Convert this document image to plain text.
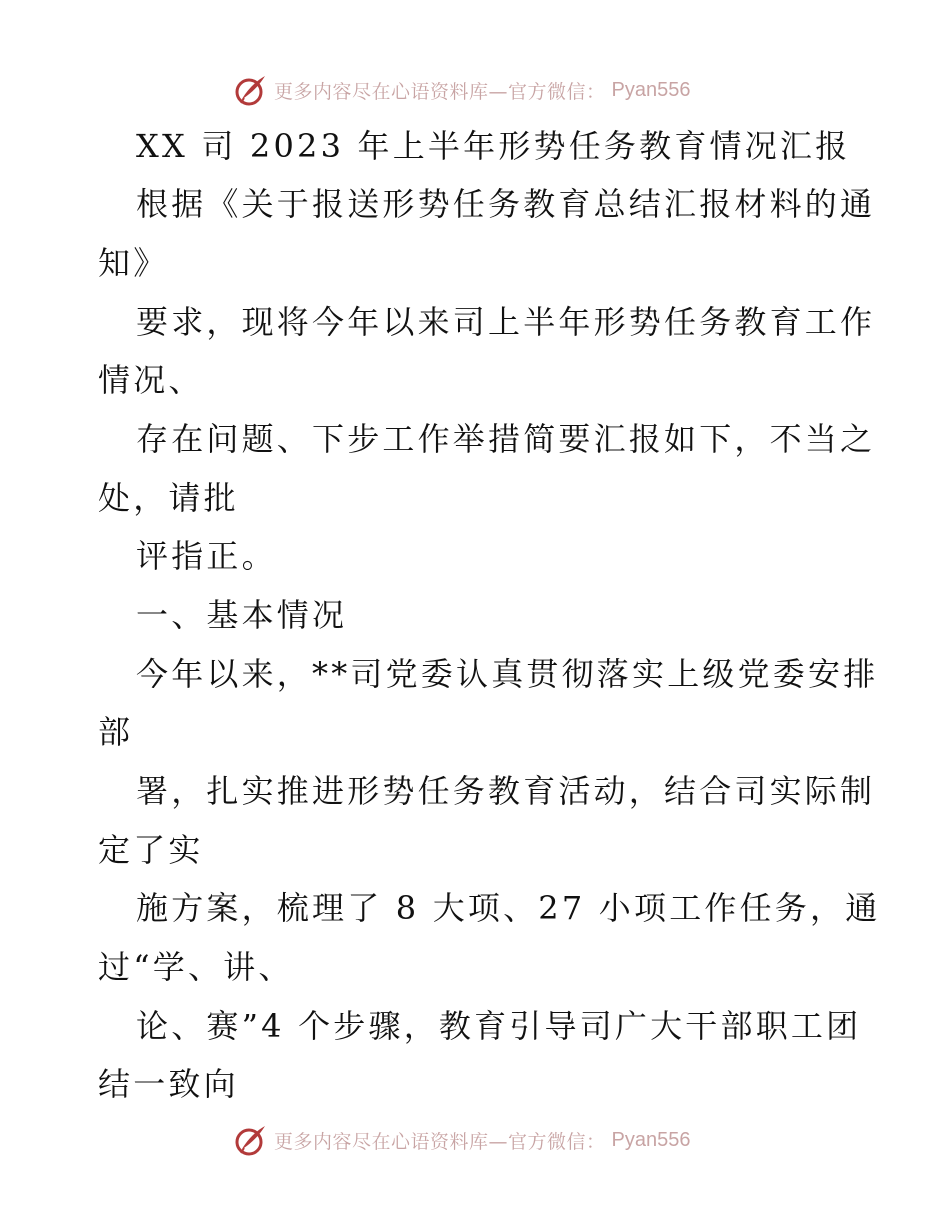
更多内容尽在心语资料库—官方微信： Pyan556
XX 司 2023 年上半年形势任务教育情况汇报
根据《关于报送形势任务教育总结汇报材料的通
知》
要求，现将今年以来司上半年形势任务教育工作
情况、
存在问题、下步工作举措简要汇报如下，不当之
处，请批
评指正。
一、基本情况
今年以来，**司党委认真贯彻落实上级党委安排
部
署，扎实推进形势任务教育活动，结合司实际制
定了实
施方案，梳理了 8 大项、27 小项工作任务，通
过“学、讲、
论、赛”4 个步骤，教育引导司广大干部职工团
结一致向
更多内容尽在心语资料库—官方微信： Pyan556
